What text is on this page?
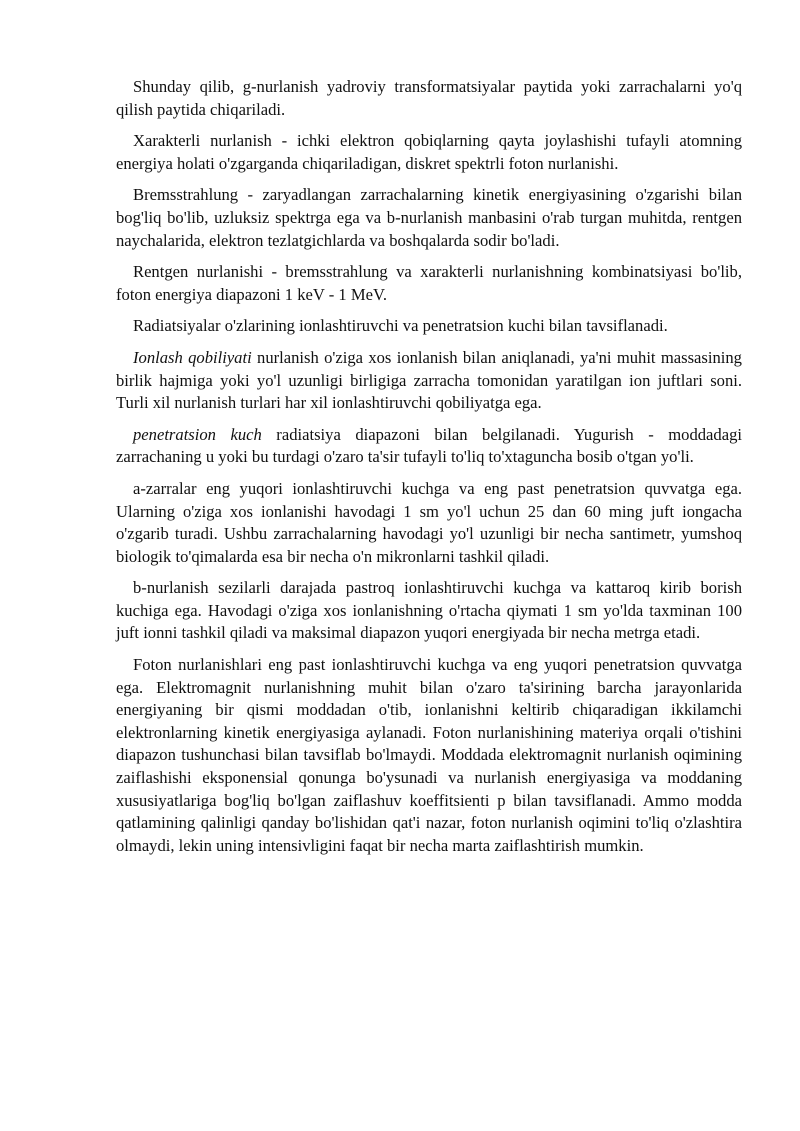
Shunday qilib, g-nurlanish yadroviy transformatsiyalar paytida yoki zarrachalarni yo'q qilish paytida chiqariladi.

Xarakterli nurlanish - ichki elektron qobiqlarning qayta joylashishi tufayli atomning energiya holati o'zgarganda chiqariladigan, diskret spektrli foton nurlanishi.

Bremsstrahlung - zaryadlangan zarrachalarning kinetik energiyasining o'zgarishi bilan bog'liq bo'lib, uzluksiz spektrga ega va b-nurlanish manbasini o'rab turgan muhitda, rentgen naychalarida, elektron tezlatgichlarda va boshqalarda sodir bo'ladi.

Rentgen nurlanishi - bremsstrahlung va xarakterli nurlanishning kombinatsiyasi bo'lib, foton energiya diapazoni 1 keV - 1 MeV.

Radiatsiyalar o'zlarining ionlashtiruvchi va penetratsion kuchi bilan tavsiflanadi.

Ionlash qobiliyati nurlanish o'ziga xos ionlanish bilan aniqlanadi, ya'ni muhit massasining birlik hajmiga yoki yo'l uzunligi birligiga zarracha tomonidan yaratilgan ion juftlari soni. Turli xil nurlanish turlari har xil ionlashtiruvchi qobiliyatga ega.

penetratsion kuch radiatsiya diapazoni bilan belgilanadi. Yugurish - moddadagi zarrachaning u yoki bu turdagi o'zaro ta'sir tufayli to'liq to'xtaguncha bosib o'tgan yo'li.

a-zarralar eng yuqori ionlashtiruvchi kuchga va eng past penetratsion quvvatga ega. Ularning o'ziga xos ionlanishi havodagi 1 sm yo'l uchun 25 dan 60 ming juft iongacha o'zgarib turadi. Ushbu zarrachalarning havodagi yo'l uzunligi bir necha santimetr, yumshoq biologik to'qimalarda esa bir necha o'n mikronlarni tashkil qiladi.

b-nurlanish sezilarli darajada pastroq ionlashtiruvchi kuchga va kattaroq kirib borish kuchiga ega. Havodagi o'ziga xos ionlanishning o'rtacha qiymati 1 sm yo'lda taxminan 100 juft ionni tashkil qiladi va maksimal diapazon yuqori energiyada bir necha metrga etadi.

Foton nurlanishlari eng past ionlashtiruvchi kuchga va eng yuqori penetratsion quvvatga ega. Elektromagnit nurlanishning muhit bilan o'zaro ta'sirining barcha jarayonlarida energiyaning bir qismi moddadan o'tib, ionlanishni keltirib chiqaradigan ikkilamchi elektronlarning kinetik energiyasiga aylanadi. Foton nurlanishining materiya orqali o'tishini diapazon tushunchasi bilan tavsiflab bo'lmaydi. Moddada elektromagnit nurlanish oqimining zaiflashishi eksponensial qonunga bo'ysunadi va nurlanish energiyasiga va moddaning xususiyatlariga bog'liq bo'lgan zaiflashuv koeffitsienti p bilan tavsiflanadi. Ammo modda qatlamining qalinligi qanday bo'lishidan qat'i nazar, foton nurlanish oqimini to'liq o'zlashtira olmaydi, lekin uning intensivligini faqat bir necha marta zaiflashtirish mumkin.
